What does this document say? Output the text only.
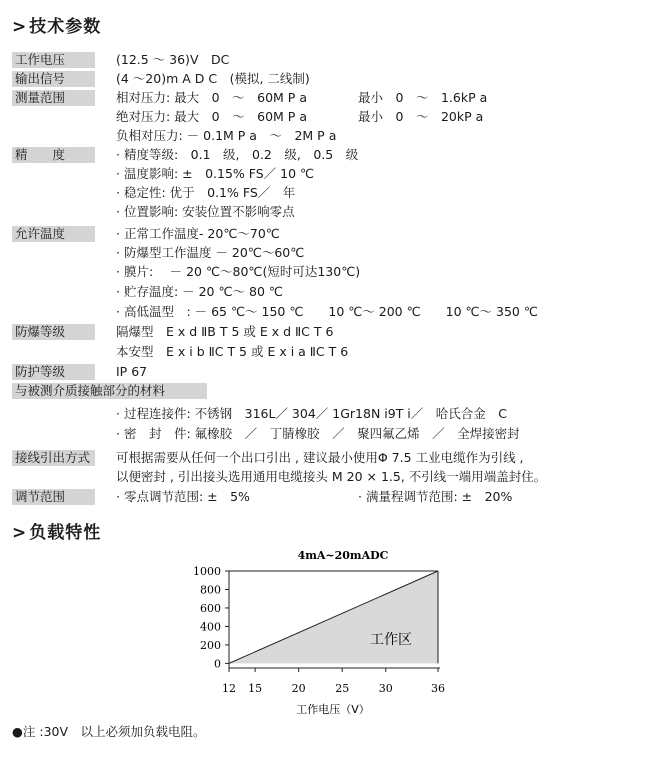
> 技术参数
工作电压	(12.5 ～ 36)V　DC
输出信号	(4 ～20)m A D C　(模拟, 二线制)
测量范围	相对压力: 最大　0　～　60M P a	最小　0　～　1.6kP a
绝对压力: 最大　0　～　60M P a	最小　0　～　20kP a
负相对压力: － 0.1M P a　～　2M P a
精　　度	· 精度等级:　0.1　级,　0.2　级,　0.5　级
· 温度影响: ±　0.15% FS／ 10 ℃
· 稳定性: 优于　0.1% FS／　年
· 位置影响: 安装位置不影响零点
允许温度	· 正常工作温度- 20℃～70℃
· 防爆型工作温度 － 20℃～60℃
· 膜片:　 － 20 ℃～80℃(短时可达130℃)
· 贮存温度: － 20 ℃～ 80 ℃
· 高低温型　: － 65 ℃～ 150 ℃　　10 ℃～ 200 ℃　　10 ℃～ 350 ℃
防爆等级	隔爆型　E x d ⅡB T 5 或 E x d ⅡC T 6
本安型　E x i b ⅡC T 5 或 E x i a ⅡC T 6
防护等级	IP 67
与被测介质接触部分的材料
· 过程连接件: 不锈钢　316L／ 304／ 1Gr18N i9T i／　哈氏合金　C
· 密　封　件: 氟橡胶　／　丁腈橡胶　／　聚四氟乙烯　／　全焊接密封
接线引出方式	可根据需要从任何一个出口引出 , 建议最小使用Φ 7.5 工业电缆作为引线 ,
以便密封 , 引出接头选用通用电缆接头 M 20 × 1.5, 不引线一端用端盖封住。
调节范围	· 零点调节范围: ±　5%	· 满量程调节范围: ±　20%
> 负载特性
4mA~20mADC
0
200
400
600
800
1000
12 15	20	25	30	36
工作区
工作电压（V）
●注 :30V　以上必须加负载电阻。
